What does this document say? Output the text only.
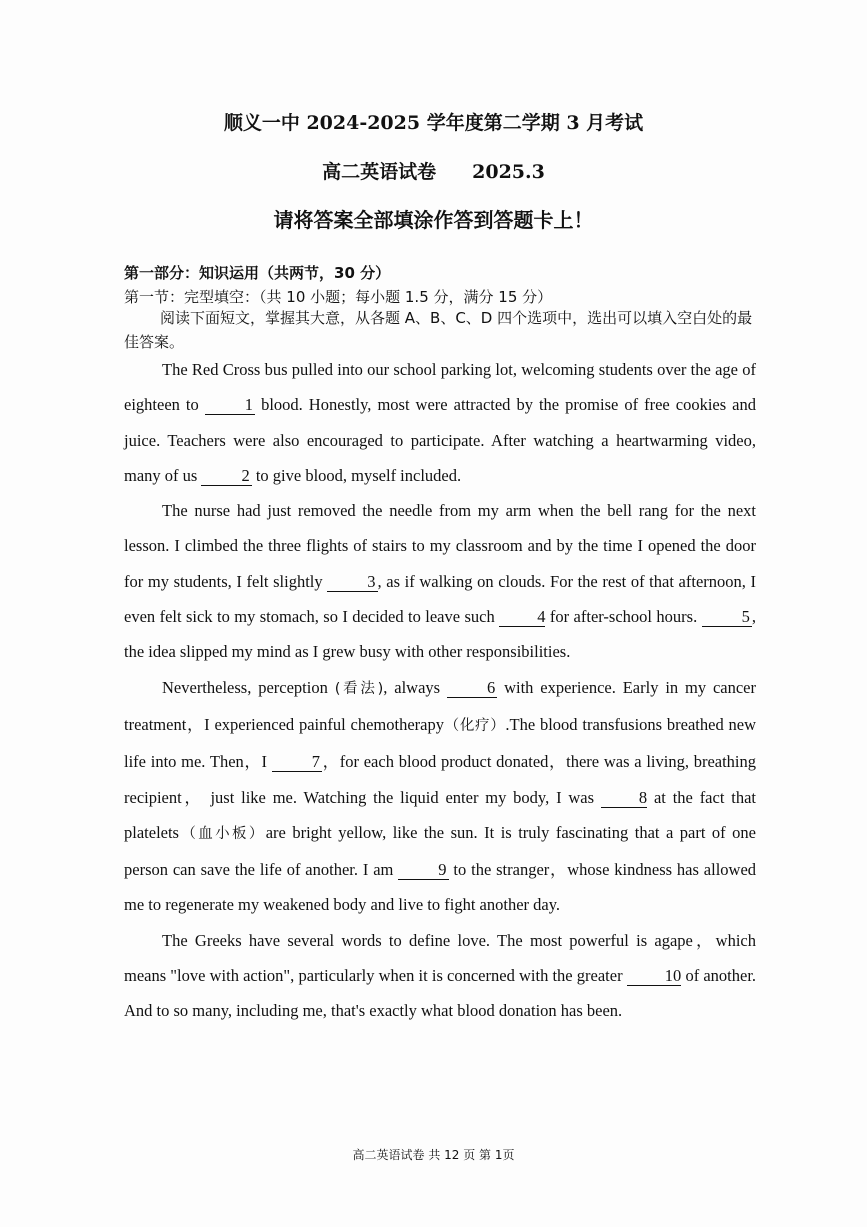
顺义一中 2024-2025 学年度第二学期 3 月考试
高二英语试卷 2025.3
请将答案全部填涂作答到答题卡上！
第一部分：知识运用（共两节，30 分）
第一节：完型填空：（共 10 小题；每小题 1.5 分，满分 15 分）
阅读下面短文，掌握其大意，从各题 A、B、C、D 四个选项中，选出可以填入空白处的最佳答案。

The Red Cross bus pulled into our school parking lot, welcoming students over the age of eighteen to	1 blood. Honestly, most were attracted by the promise of free cookies and juice. Teachers were also encouraged to participate. After watching a heartwarming video, many of us	2 to give blood, myself included.

The nurse had just removed the needle from my arm when the bell rang for the next lesson. I climbed the three flights of stairs to my classroom and by the time I opened the door for my students, I felt slightly	3 , as if walking on clouds. For the rest of that afternoon, I even felt sick to my stomach, so I decided to leave such	4 for after-school hours.	5 , the idea slipped my mind as I grew busy with other responsibilities.

Nevertheless, perception (看法), always	6 with experience. Early in my cancer treatment，I experienced painful chemotherapy（化疗）.The blood transfusions breathed new life into me. Then，I	7 ，for each blood product donated，there was a living, breathing recipient， just like me. Watching the liquid enter my body, I was	8 at the fact that platelets（血小板）are bright yellow, like the sun. It is truly fascinating that a part of one person can save the life of another. I am	9 to the stranger，whose kindness has allowed me to regenerate my weakened body and live to fight another day.

The Greeks have several words to define love. The most powerful is agape，which means "love with action", particularly when it is concerned with the greater	10 of another. And to so many, including me, that's exactly what blood donation has been.

高二英语试卷 共 12 页 第 1页
